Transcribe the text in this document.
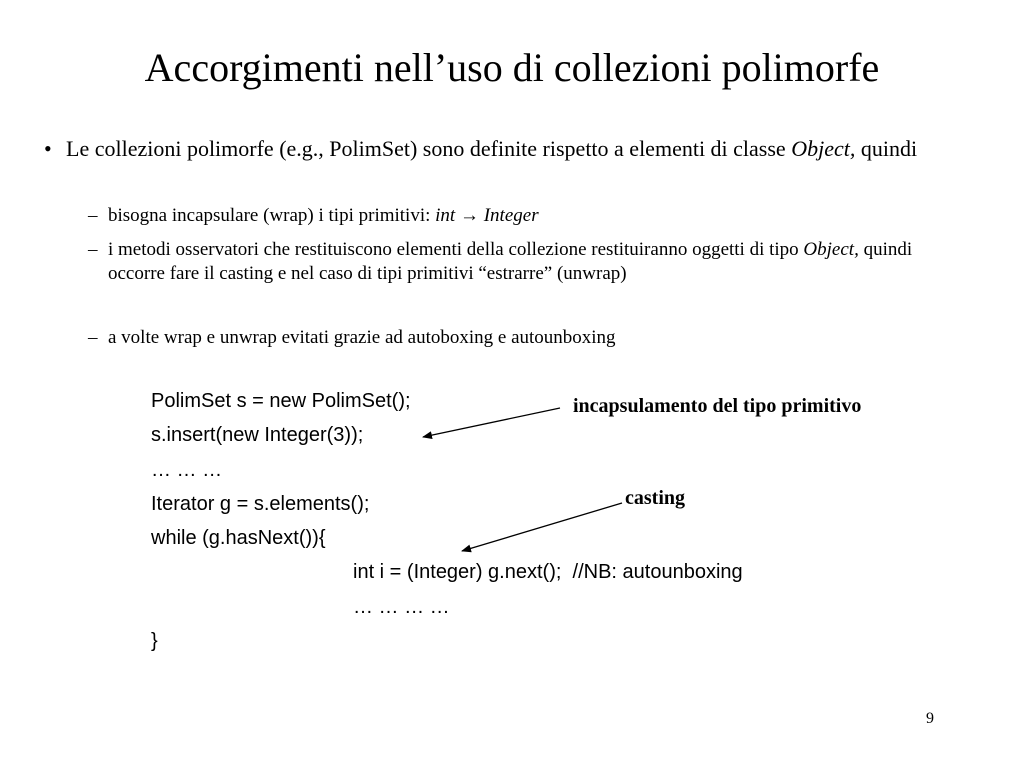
Accorgimenti nell’uso di collezioni polimorfe
• Le collezioni polimorfe (e.g., PolimSet) sono definite rispetto a elementi di classe Object, quindi
– bisogna incapsulare (wrap) i tipi primitivi: int → Integer
– i metodi osservatori che restituiscono elementi della collezione restituiranno oggetti di tipo Object, quindi occorre fare il casting e nel caso di tipi primitivi “estrarre” (unwrap)
– a volte wrap e unwrap evitati grazie ad autoboxing e autounboxing
PolimSet s = new PolimSet();
s.insert(new Integer(3));
… … …
Iterator g = s.elements();
while (g.hasNext()){
int i = (Integer) g.next();  //NB: autounboxing
… … … …
}
incapsulamento del tipo primitivo
casting
9
